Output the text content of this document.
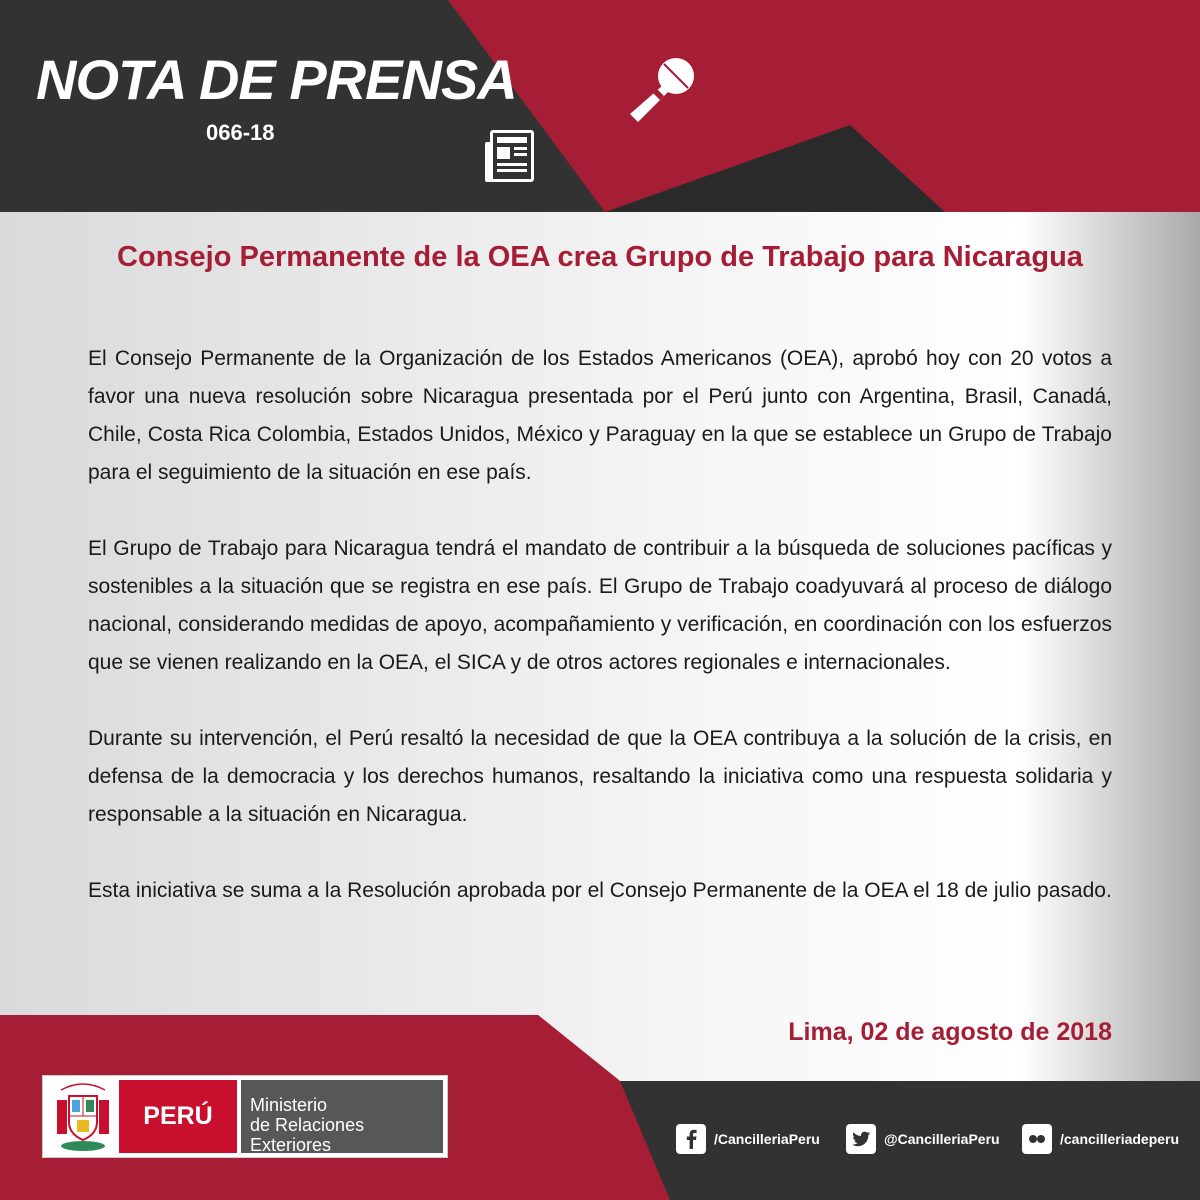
NOTA DE PRENSA
066-18
Consejo Permanente de la OEA crea Grupo de Trabajo para Nicaragua

El Consejo Permanente de la Organización de los Estados Americanos (OEA), aprobó hoy con 20 votos a favor una nueva resolución sobre Nicaragua presentada por el Perú junto con Argentina, Brasil, Canadá, Chile, Costa Rica Colombia, Estados Unidos, México y Paraguay en la que se establece un Grupo de Trabajo para el seguimiento de la situación en ese país.

El Grupo de Trabajo para Nicaragua tendrá el mandato de contribuir a la búsqueda de soluciones pacíficas y sostenibles a la situación que se registra en ese país. El Grupo de Trabajo coadyuvará al proceso de diálogo nacional, considerando medidas de apoyo, acompañamiento y verificación, en coordinación con los esfuerzos que se vienen realizando en la OEA, el SICA y de otros actores regionales e internacionales.

Durante su intervención, el Perú resaltó la necesidad de que la OEA contribuya a la solución de la crisis, en defensa de la democracia y los derechos humanos, resaltando la iniciativa como una respuesta solidaria y responsable a la situación en Nicaragua.

Esta iniciativa se suma a la Resolución aprobada por el Consejo Permanente de la OEA el 18 de julio pasado.

Lima, 02 de agosto de 2018
PERÚ	Ministerio
de Relaciones Exteriores	/CancilleriaPeru	@CancilleriaPeru	/cancilleriadeperu
